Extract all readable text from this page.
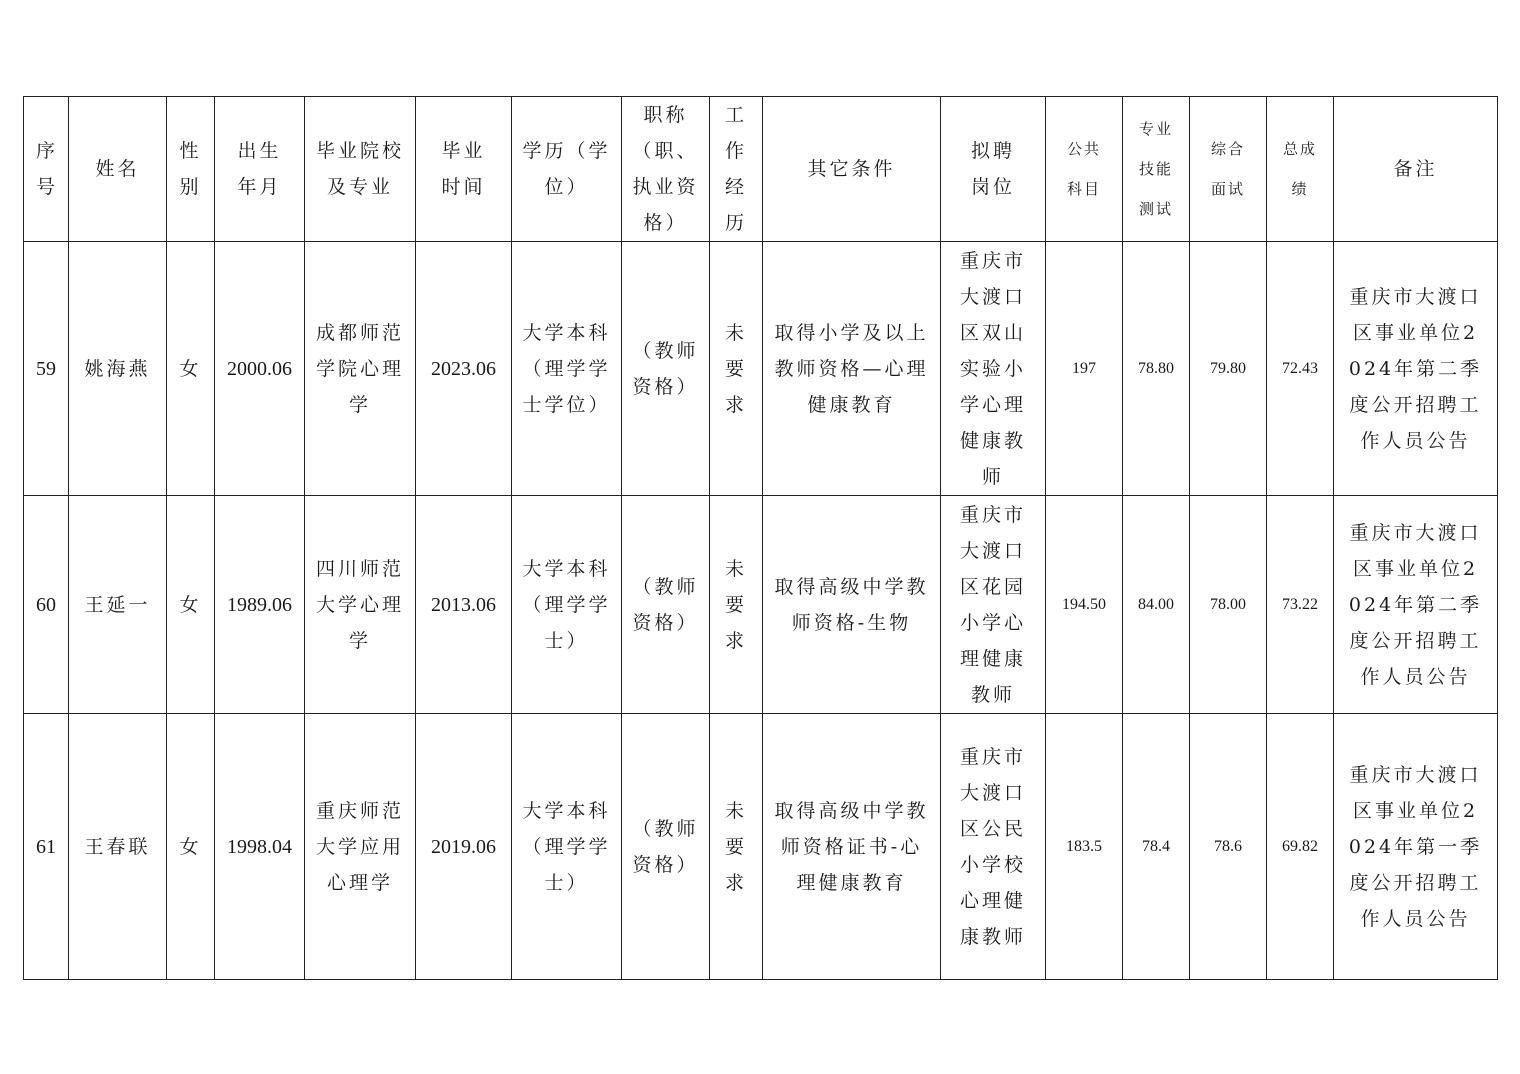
序号	姓名	性别	出生年月	毕业院校及专业	毕业时间	学历（学位）	职称（职、执业资格）	工作经历	其它条件	拟聘岗位	公共科目	专业技能测试	综合面试	总成绩	备注
59	姚海燕	女	2000.06	成都师范学院心理学	2023.06	大学本科（理学学士学位）	（教师资格）	未要求	取得小学及以上教师资格—心理健康教育	重庆市大渡口区双山实验小学心理健康教师	197	78.80	79.80	72.43	重庆市大渡口区事业单位2024年第二季度公开招聘工作人员公告
60	王延一	女	1989.06	四川师范大学心理学	2013.06	大学本科（理学学士）	（教师资格）	未要求	取得高级中学教师资格-生物	重庆市大渡口区花园小学心理健康教师	194.50	84.00	78.00	73.22	重庆市大渡口区事业单位2024年第二季度公开招聘工作人员公告
61	王春联	女	1998.04	重庆师范大学应用心理学	2019.06	大学本科（理学学士）	（教师资格）	未要求	取得高级中学教师资格证书-心理健康教育	重庆市大渡口区公民小学校心理健康教师	183.5	78.4	78.6	69.82	重庆市大渡口区事业单位2024年第一季度公开招聘工作人员公告
